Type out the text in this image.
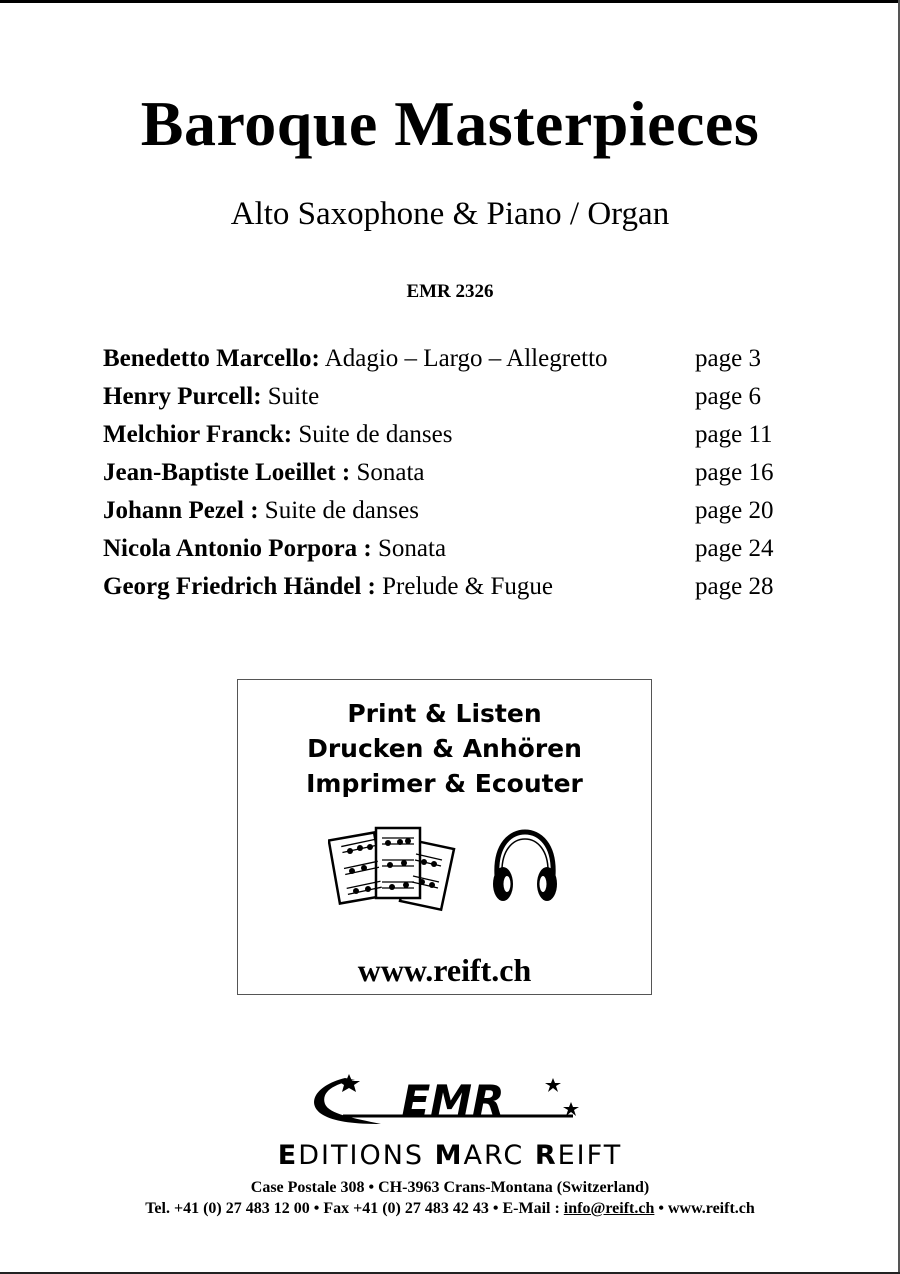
Baroque Masterpieces
Alto Saxophone & Piano / Organ
EMR 2326
Benedetto Marcello: Adagio – Largo – Allegretto	page 3
Henry Purcell: Suite	page 6
Melchior Franck: Suite de danses	page 11
Jean-Baptiste Loeillet : Sonata	page 16
Johann Pezel : Suite de danses	page 20
Nicola Antonio Porpora : Sonata	page 24
Georg Friedrich Händel : Prelude & Fugue	page 28
Print & Listen
Drucken & Anhören
Imprimer & Ecouter
www.reift.ch
EMR
EDITIONS MARC REIFT
Case Postale 308 • CH-3963 Crans-Montana (Switzerland)
Tel. +41 (0) 27 483 12 00 • Fax +41 (0) 27 483 42 43 • E-Mail : info@reift.ch • www.reift.ch
